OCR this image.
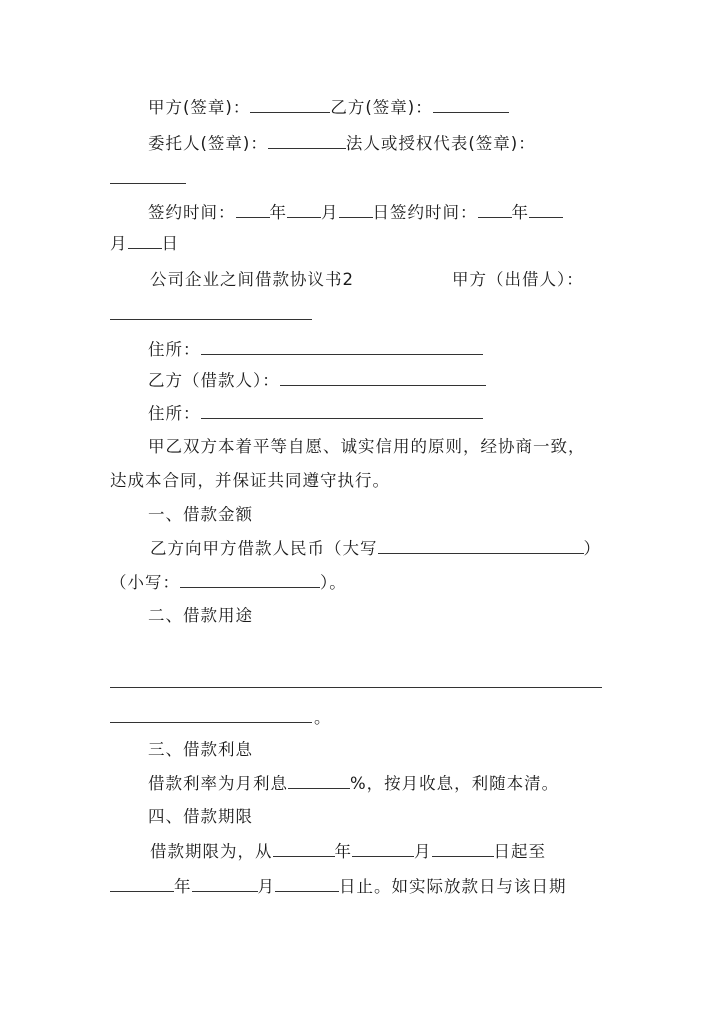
甲方(签章)：	乙方(签章)：
委托人(签章)：	法人或授权代表(签章)：
签约时间： 年 月 日签约时间： 年
月 日
公司企业之间借款协议书2	甲方（出借人）：
住所：
乙方（借款人）：
住所：
甲乙双方本着平等自愿、诚实信用的原则，经协商一致，
达成本合同，并保证共同遵守执行。
一、借款金额
乙方向甲方借款人民币（大写	）
（小写：	）。
二、借款用途
。
三、借款利息
借款利率为月利息	%，按月收息，利随本清。
四、借款期限
借款期限为，从	年	月	日起至
年	月	日止。如实际放款日与该日期
